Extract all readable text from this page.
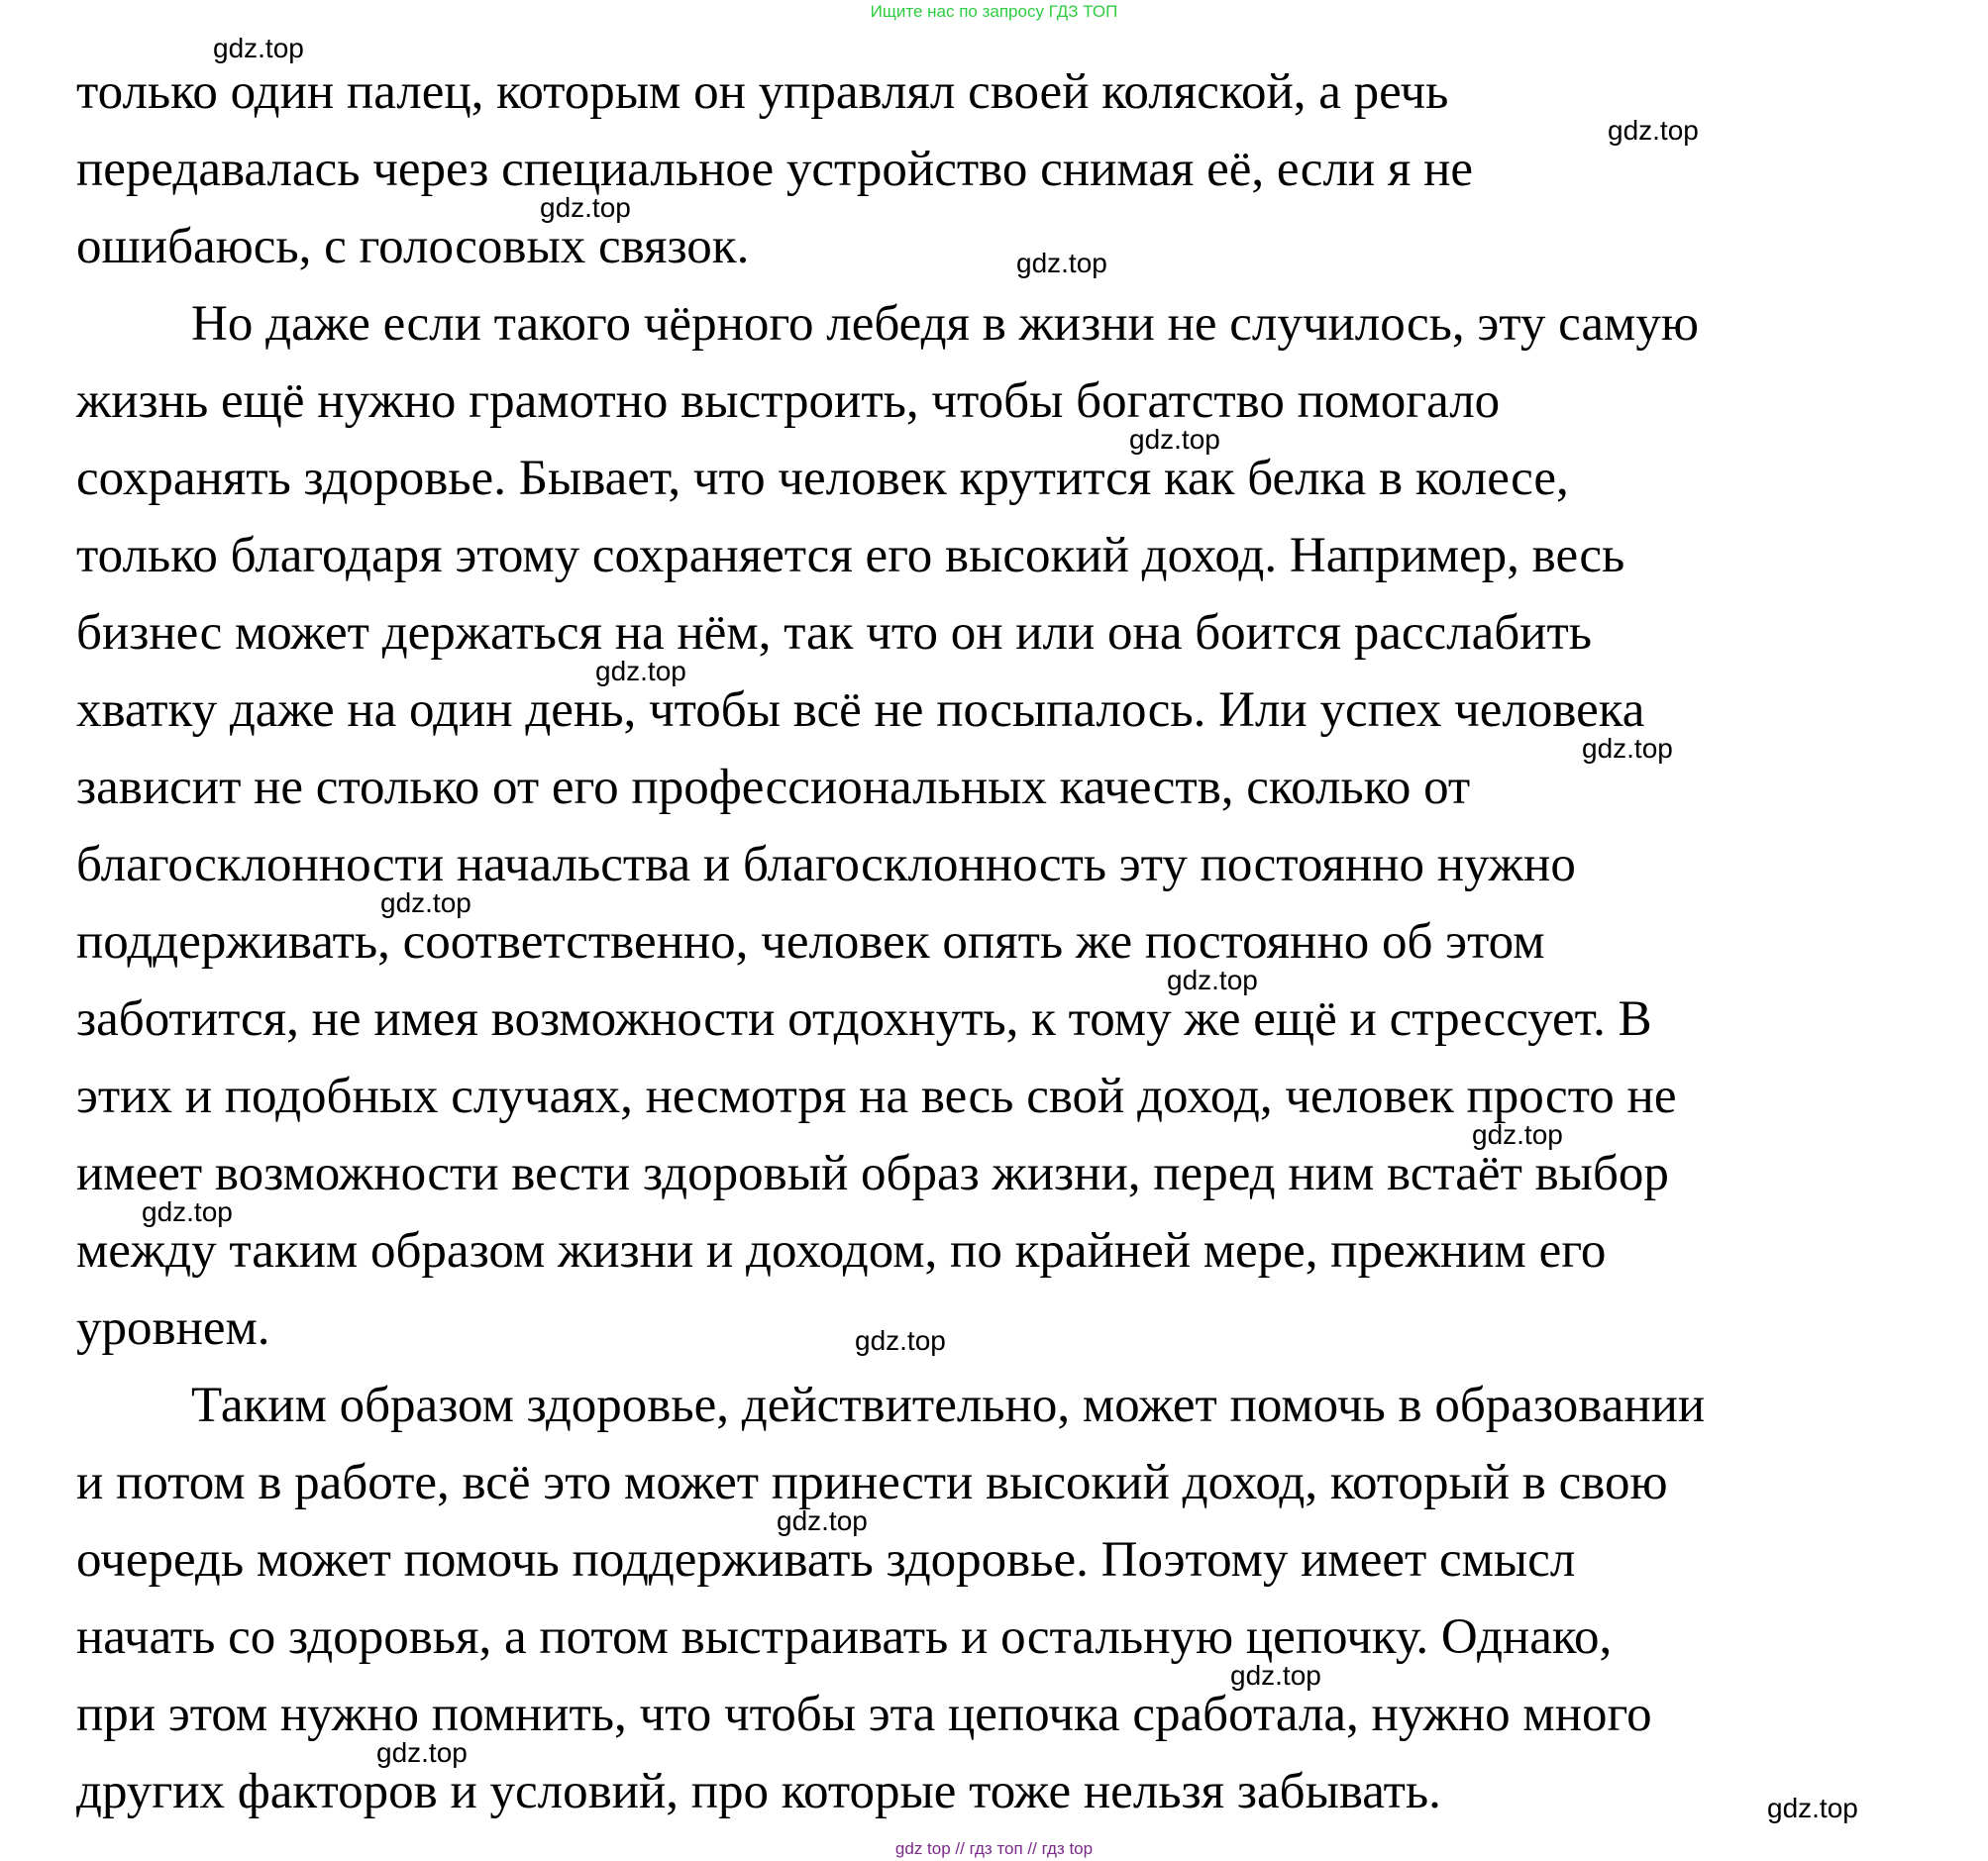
Ищите нас по запросу ГДЗ ТОП
только один палец, которым он управлял своей коляской, а речь
передавалась через специальное устройство снимая её, если я не
ошибаюсь, с голосовых связок.
Но даже если такого чёрного лебедя в жизни не случилось, эту самую
жизнь ещё нужно грамотно выстроить, чтобы богатство помогало
сохранять здоровье. Бывает, что человек крутится как белка в колесе,
только благодаря этому сохраняется его высокий доход. Например, весь
бизнес может держаться на нём, так что он или она боится расслабить
хватку даже на один день, чтобы всё не посыпалось. Или успех человека
зависит не столько от его профессиональных качеств, сколько от
благосклонности начальства и благосклонность эту постоянно нужно
поддерживать, соответственно, человек опять же постоянно об этом
заботится, не имея возможности отдохнуть, к тому же ещё и стрессует. В
этих и подобных случаях, несмотря на весь свой доход, человек просто не
имеет возможности вести здоровый образ жизни, перед ним встаёт выбор
между таким образом жизни и доходом, по крайней мере, прежним его
уровнем.
Таким образом здоровье, действительно, может помочь в образовании
и потом в работе, всё это может принести высокий доход, который в свою
очередь может помочь поддерживать здоровье. Поэтому имеет смысл
начать со здоровья, а потом выстраивать и остальную цепочку. Однако,
при этом нужно помнить, что чтобы эта цепочка сработала, нужно много
других факторов и условий, про которые тоже нельзя забывать.
gdz.top
gdz.top
gdz.top
gdz.top
gdz.top
gdz.top
gdz.top
gdz.top
gdz.top
gdz.top
gdz.top
gdz.top
gdz.top
gdz.top
gdz.top
gdz.top
gdz top // гдз топ // гдз top
